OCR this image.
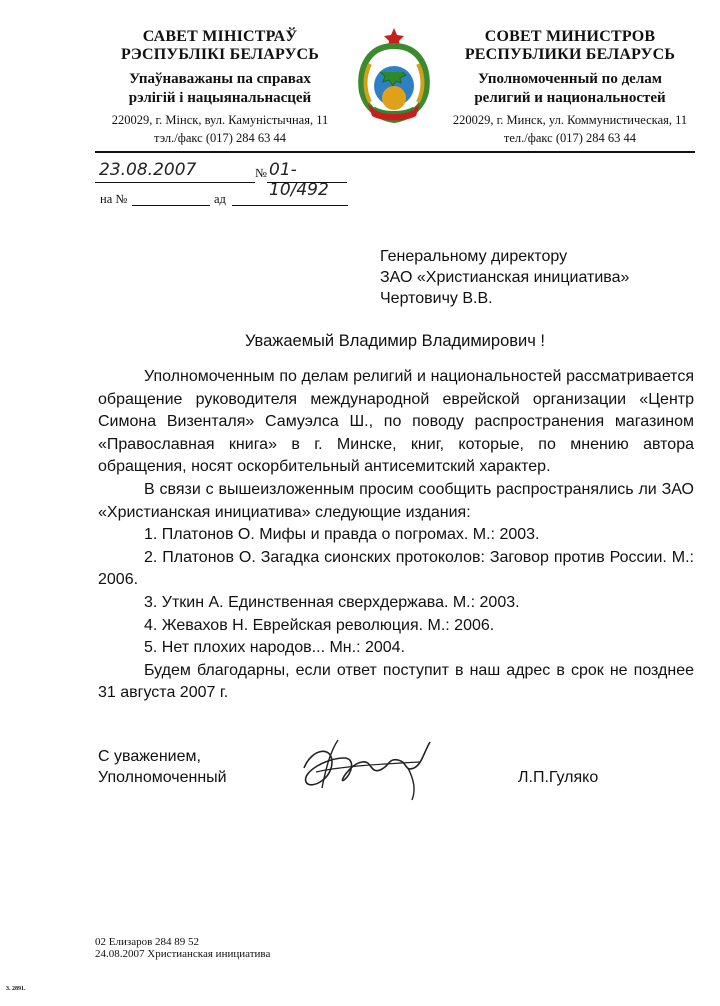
САВЕТ МІНІСТРАЎ
РЭСПУБЛІКІ БЕЛАРУСЬ
Упаўнаважаны па справах
рэлігій і нацыянальнасцей
220029, г. Мінск, вул. Камуністычная, 11
тэл./факс (017) 284 63 44
СОВЕТ МИНИСТРОВ
РЕСПУБЛИКИ БЕЛАРУСЬ
Уполномоченный по делам
религий и национальностей
220029, г. Минск, ул. Коммунистическая, 11
тел./факс (017) 284 63 44
23.08.2007	№ 01-10/492
на №	ад
Генеральному директору
ЗАО «Христианская инициатива»
Чертовичу В.В.
Уважаемый Владимир Владимирович !
Уполномоченным по делам религий и национальностей рассматривается обращение руководителя международной еврейской организации «Центр Симона Визенталя» Самуэлса Ш., по поводу распространения магазином «Православная книга» в г. Минске, книг, которые, по мнению автора обращения, носят оскорбительный антисемитский характер.
В связи с вышеизложенным просим сообщить распространялись ли ЗАО «Христианская инициатива» следующие издания:
1. Платонов О. Мифы и правда о погромах. М.: 2003.
2. Платонов О. Загадка сионских протоколов: Заговор против России. М.: 2006.
3. Уткин А. Единственная сверхдержава. М.: 2003.
4. Жевахов Н. Еврейская революция. М.: 2006.
5. Нет плохих народов... Мн.: 2004.
Будем благодарны, если ответ поступит в наш адрес в срок не позднее 31 августа 2007 г.
С уважением,
Уполномоченный	Л.П.Гуляко
02 Елизаров 284 89 52
24.08.2007 Христианская инициатива
3. 2891.
